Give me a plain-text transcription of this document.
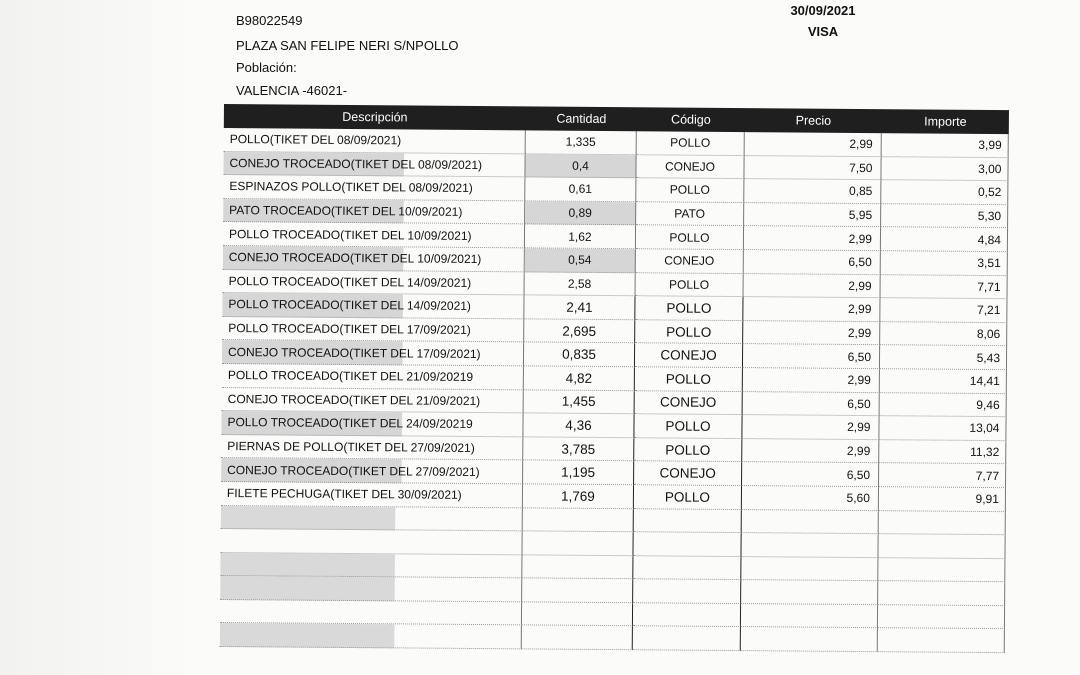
B98022549
PLAZA SAN FELIPE NERI S/NPOLLO
Población:
VALENCIA -46021-
30/09/2021
VISA
Descripción	Cantidad	Código	Precio	Importe
POLLO(TIKET DEL 08/09/2021)	1,335	POLLO	2,99	3,99
CONEJO TROCEADO(TIKET DEL 08/09/2021)	0,4	CONEJO	7,50	3,00
ESPINAZOS POLLO(TIKET DEL 08/09/2021)	0,61	POLLO	0,85	0,52
PATO TROCEADO(TIKET DEL 10/09/2021)	0,89	PATO	5,95	5,30
POLLO TROCEADO(TIKET DEL 10/09/2021)	1,62	POLLO	2,99	4,84
CONEJO TROCEADO(TIKET DEL 10/09/2021)	0,54	CONEJO	6,50	3,51
POLLO TROCEADO(TIKET DEL 14/09/2021)	2,58	POLLO	2,99	7,71
POLLO TROCEADO(TIKET DEL 14/09/2021)	2,41	POLLO	2,99	7,21
POLLO TROCEADO(TIKET DEL 17/09/2021)	2,695	POLLO	2,99	8,06
CONEJO TROCEADO(TIKET DEL 17/09/2021)	0,835	CONEJO	6,50	5,43
POLLO TROCEADO(TIKET DEL 21/09/20219	4,82	POLLO	2,99	14,41
CONEJO TROCEADO(TIKET DEL 21/09/2021)	1,455	CONEJO	6,50	9,46
POLLO TROCEADO(TIKET DEL 24/09/20219	4,36	POLLO	2,99	13,04
PIERNAS DE POLLO(TIKET DEL 27/09/2021)	3,785	POLLO	2,99	11,32
CONEJO TROCEADO(TIKET DEL 27/09/2021)	1,195	CONEJO	6,50	7,77
FILETE PECHUGA(TIKET DEL 30/09/2021)	1,769	POLLO	5,60	9,91
